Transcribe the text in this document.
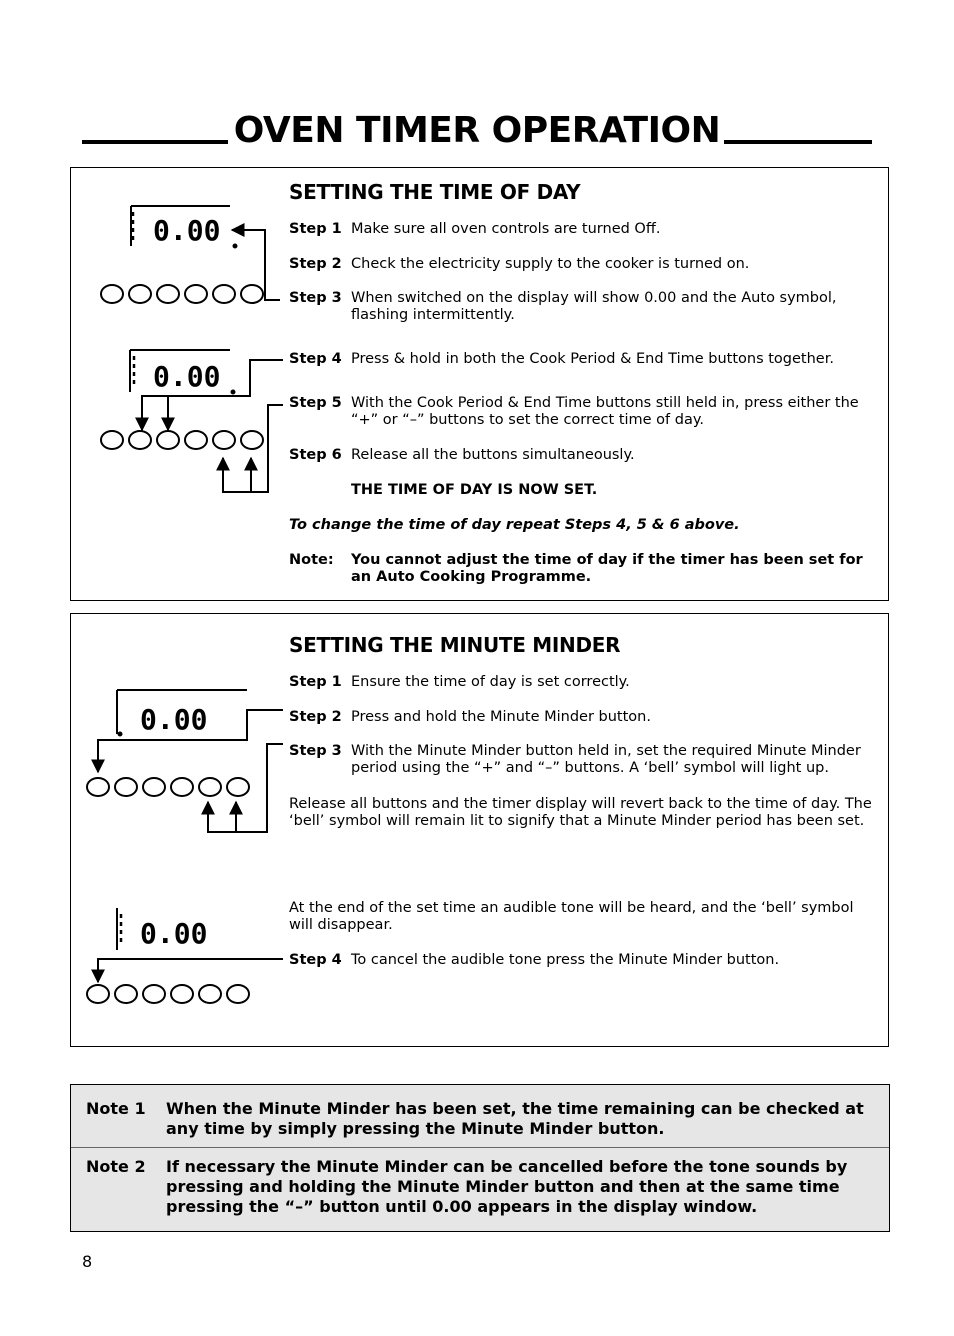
OVEN TIMER OPERATION
SETTING THE TIME OF DAY
Step 1 Make sure all oven controls are turned Off.
Step 2 Check the electricity supply to the cooker is turned on.
Step 3 When switched on the display will show 0.00 and the Auto symbol, flashing intermittently.
Step 4 Press & hold in both the Cook Period & End Time buttons together.
Step 5 With the Cook Period & End Time buttons still held in, press either the “+” or “–” buttons to set the correct time of day.
Step 6 Release all the buttons simultaneously.
THE TIME OF DAY IS NOW SET.
To change the time of day repeat Steps 4, 5 & 6 above.
Note: You cannot adjust the time of day if the timer has been set for an Auto Cooking Programme.
SETTING THE MINUTE MINDER
Step 1 Ensure the time of day is set correctly.
Step 2 Press and hold the Minute Minder button.
Step 3 With the Minute Minder button held in, set the required Minute Minder period using the “+” and “–” buttons. A ‘bell’ symbol will light up.
Release all buttons and the timer display will revert back to the time of day. The ‘bell’ symbol will remain lit to signify that a Minute Minder period has been set.
At the end of the set time an audible tone will be heard, and the ‘bell’ symbol will disappear.
Step 4 To cancel the audible tone press the Minute Minder button.
0.00
0.00
0.00
0.00
Note 1 When the Minute Minder has been set, the time remaining can be checked at any time by simply pressing the Minute Minder button.
Note 2 If necessary the Minute Minder can be cancelled before the tone sounds by pressing and holding the Minute Minder button and then at the same time pressing the “–” button until 0.00 appears in the display window.
8
